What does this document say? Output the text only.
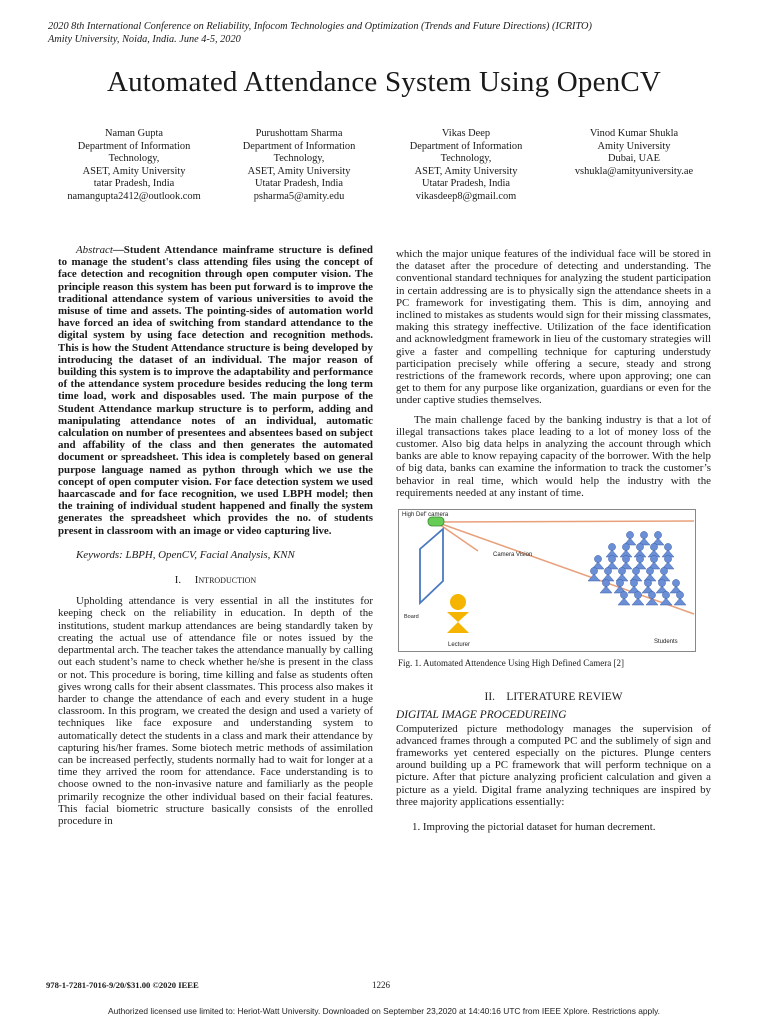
2020 8th International Conference on Reliability, Infocom Technologies and Optimization (Trends and Future Directions) (ICRITO)
Amity University, Noida, India. June 4-5, 2020
Automated Attendance System Using OpenCV
Naman Gupta
Department of Information
Technology,
ASET, Amity University
tatar Pradesh, India
namangupta2412@outlook.com
Purushottam Sharma
Department of Information
Technology,
ASET, Amity University
Utatar Pradesh, India
psharma5@amity.edu
Vikas Deep
Department of Information
Technology,
ASET, Amity University
Utatar Pradesh, India
vikasdeep8@gmail.com
Vinod Kumar Shukla
Amity University
Dubai, UAE
vshukla@amityuniversity.ae

Abstract—Student Attendance mainframe structure is defined to manage the student's class attending files using the concept of face detection and recognition through open computer vision. The principle reason this system has been put forward is to improve the traditional attendance system of various universities to avoid the misuse of time and assets. The pointing-sides of automation world have forced an idea of switching from standard attendance to the digital system by using face detection and recognition methods. This is how the Student Attendance structure is being developed by introducing the dataset of an individual. The major reason of building this system is to improve the adaptability and performance of the attendance system procedure besides reducing the long term time load, work and disposables used. The main purpose of the Student Attendance markup structure is to perform, adding and manipulating attendance notes of an individual, automatic calculation on number of presentees and absentees based on subject and affability of the class and then generates the automated document or spreadsheet. This idea is completely based on general purpose language named as python through which we use the concept of open computer vision. For face detection system we used haarcascade and for face recognition, we used LBPH model; then the training of individual student happened and finally the system generates the spreadsheet which provides the no. of students present in classroom with an image or video capturing live.

Keywords: LBPH, OpenCV, Facial Analysis, KNN

I. Introduction

Upholding attendance is very essential in all the institutes for keeping check on the reliability in education. In depth of the institutions, student markup attendances are being standardly taken by creating the actual use of attendance file or notes issued by the departmental arch. The teacher takes the attendance manually by calling out each student’s name to check whether he/she is present in the class or not. This procedure is boring, time killing and false as students often gives wrong calls for their absent classmates. This process also makes it harder to change the attendance of each and every student in a huge classroom. In this program, we created the design and used a variety of techniques like face exposure and understanding system to automatically detect the students in a class and mark their attendance by capturing his/her frames. Some biotech metric methods of assimilation can be increased perfectly, students normally had to wait for longer at a time they arrived the room for attendance. Face understanding is to choose owned to the non-invasive nature and familiarly as the people primarily recognize the other individual based on their facial features. This facial biometric structure basically consists of the enrolled procedure in

which the major unique features of the individual face will be stored in the dataset after the procedure of detecting and understanding. The conventional standard techniques for analyzing the student participation in certain addressing are is to physically sign the attendance sheets in a PC framework for investigating them. This is dim, annoying and inclined to mistakes as students would sign for their missing classmates, making this strategy ineffective. Utilization of the face identification and acknowledgment framework in lieu of the customary strategies will give a faster and compelling technique for capturing understudy participation precisely while offering a secure, steady and strong restrictions of the framework records, where upon approving; one can get to them for any purpose like organization, guardians or even for the under captive studies themselves.

The main challenge faced by the banking industry is that a lot of illegal transactions takes place leading to a lot of money loss of the customer. Also big data helps in analyzing the account through which banks are able to know repaying capacity of the borrower. With the help of big data, banks can examine the information to track the customer’s behavior in real time, which would help the industry with the requirements needed at any instant of time.

High Def' camera
Camera Vision
Board
Lecturer	Students
Fig. 1. Automated Attendence Using High Defined Camera [2]
II. LITERATURE REVIEW
DIGITAL IMAGE PROCEDUREING

Computerized picture methodology manages the supervision of advanced frames through a computed PC and the sublimely of sign and frameworks yet centered especially on the pictures. Plunge centers around building up a PC framework that will perform technique on a picture. After that picture analyzing proficient calculation and given a picture as a yield. Digital frame analyzing techniques are inspired by three majority applications essentially:

1. Improving the pictorial dataset for human decrement.

978-1-7281-7016-9/20/$31.00 ©2020 IEEE	1226
Authorized licensed use limited to: Heriot-Watt University. Downloaded on September 23,2020 at 14:40:16 UTC from IEEE Xplore. Restrictions apply.
